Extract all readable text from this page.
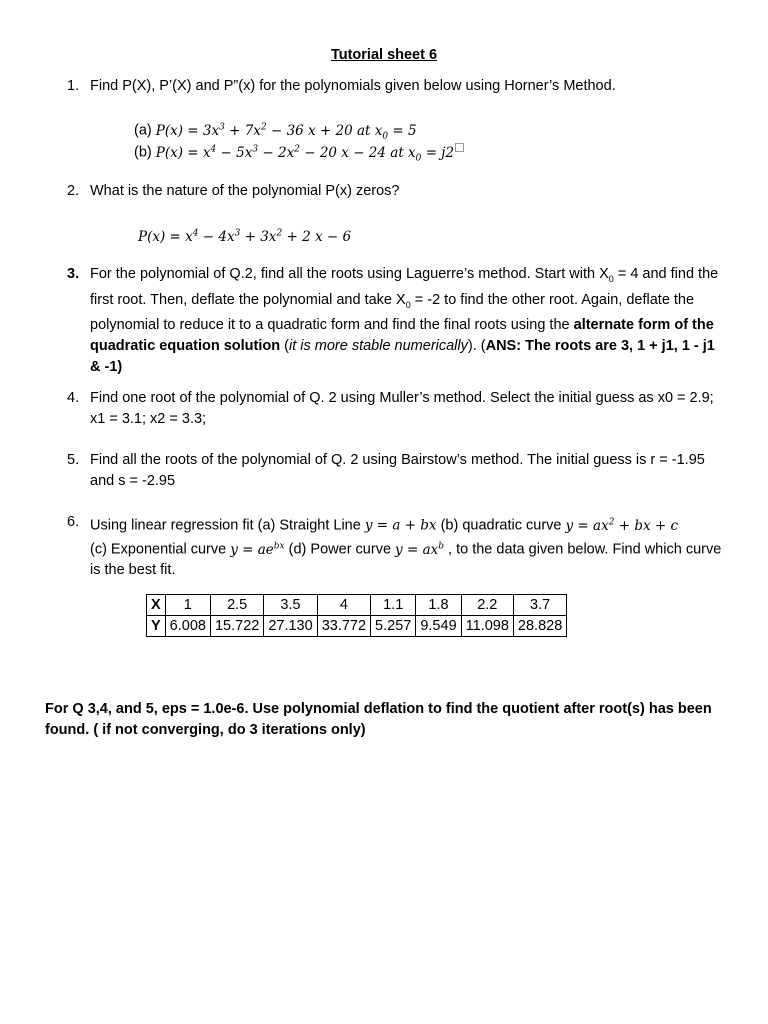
Tutorial sheet 6
1. Find P(X), P’(X) and P”(x) for the polynomials given below using Horner’s Method.
(a) $P(x) = 3x^3 + 7x^2 - 36$ x + 20 at $x_0 = 5$
(b) $P(x) = x^4 - 5x^3 - 2x^2 - 20$ x − 24 at $x_0 = j2$
2. What is the nature of the polynomial P(x) zeros?
$P(x) = x^4 - 4x^3 + 3x^2 + 2$ x − 6
3. For the polynomial of Q.2, find all the roots using Laguerre’s method. Start with $X_0 = 4$ and find the first root. Then, deflate the polynomial and take $X_0 = -2$ to find the other root. Again, deflate the polynomial to reduce it to a quadratic form and find the final roots using the alternate form of the quadratic equation solution (it is more stable numerically). (ANS: The roots are 3, 1 + j1, 1 - j1 & -1)
4. Find one root of the polynomial of Q. 2 using Muller’s method. Select the initial guess as x0 = 2.9; x1 = 3.1; x2 = 3.3;
5. Find all the roots of the polynomial of Q. 2 using Bairstow’s method. The initial guess is r = -1.95 and s = -2.95
6. Using linear regression fit (a) Straight Line y = a + bx (b) quadratic curve $y = ax^2$ + bx + c
(c) Exponential curve $y = ae^{bx}$ (d) Power curve $y = ax^b$ , to the data given below. Find which curve is the best fit.
X	1	2.5	3.5	4	1.1	1.8	2.2	3.7
Y	6.008	15.722	27.130	33.772	5.257	9.549	11.098	28.828
For Q 3,4, and 5, eps = 1.0e-6. Use polynomial deflation to find the quotient after root(s) has been found. ( if not converging, do 3 iterations only)
